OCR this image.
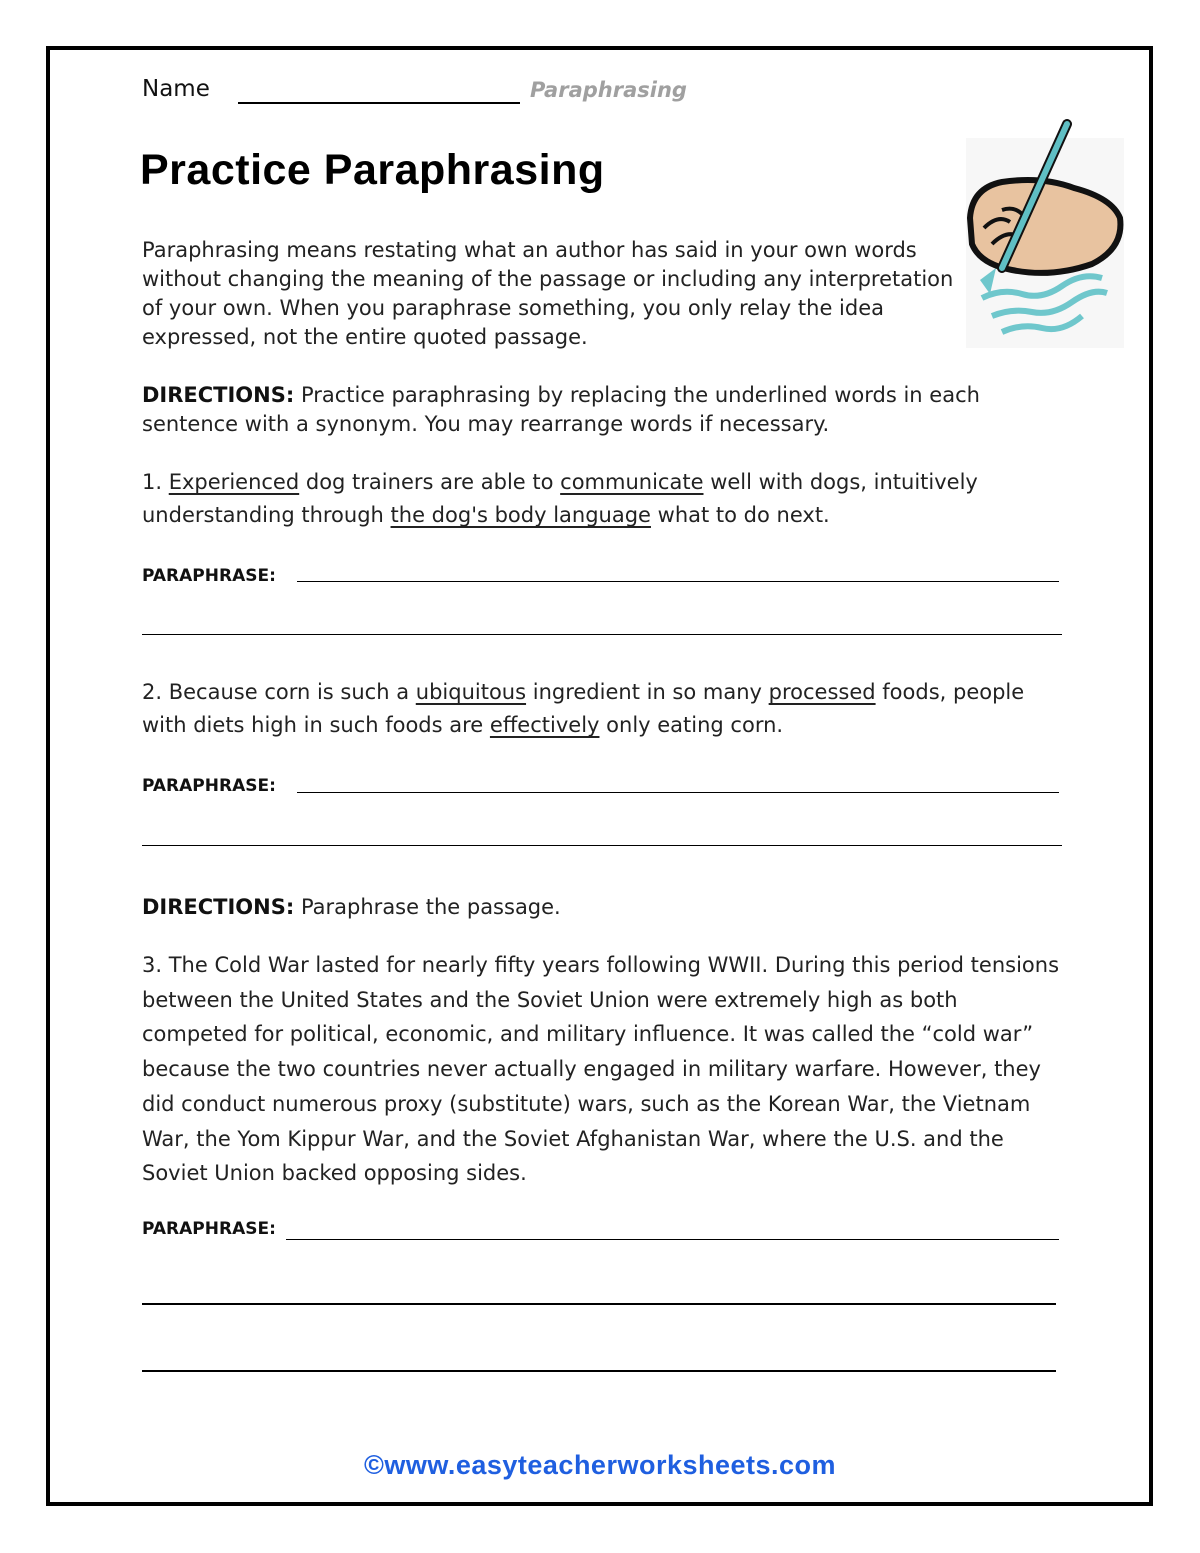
Name	Paraphrasing
Practice Paraphrasing
Paraphrasing means restating what an author has said in your own words without changing the meaning of the passage or including any interpretation of your own. When you paraphrase something, you only relay the idea expressed, not the entire quoted passage.
DIRECTIONS: Practice paraphrasing by replacing the underlined words in each sentence with a synonym. You may rearrange words if necessary.
1. Experienced dog trainers are able to communicate well with dogs, intuitively understanding through the dog's body language what to do next.
PARAPHRASE:
2. Because corn is such a ubiquitous ingredient in so many processed foods, people with diets high in such foods are effectively only eating corn.
PARAPHRASE:
DIRECTIONS: Paraphrase the passage.
3. The Cold War lasted for nearly fifty years following WWII. During this period tensions between the United States and the Soviet Union were extremely high as both competed for political, economic, and military influence. It was called the “cold war” because the two countries never actually engaged in military warfare. However, they did conduct numerous proxy (substitute) wars, such as the Korean War, the Vietnam War, the Yom Kippur War, and the Soviet Afghanistan War, where the U.S. and the Soviet Union backed opposing sides.
PARAPHRASE:
©www.easyteacherworksheets.com
